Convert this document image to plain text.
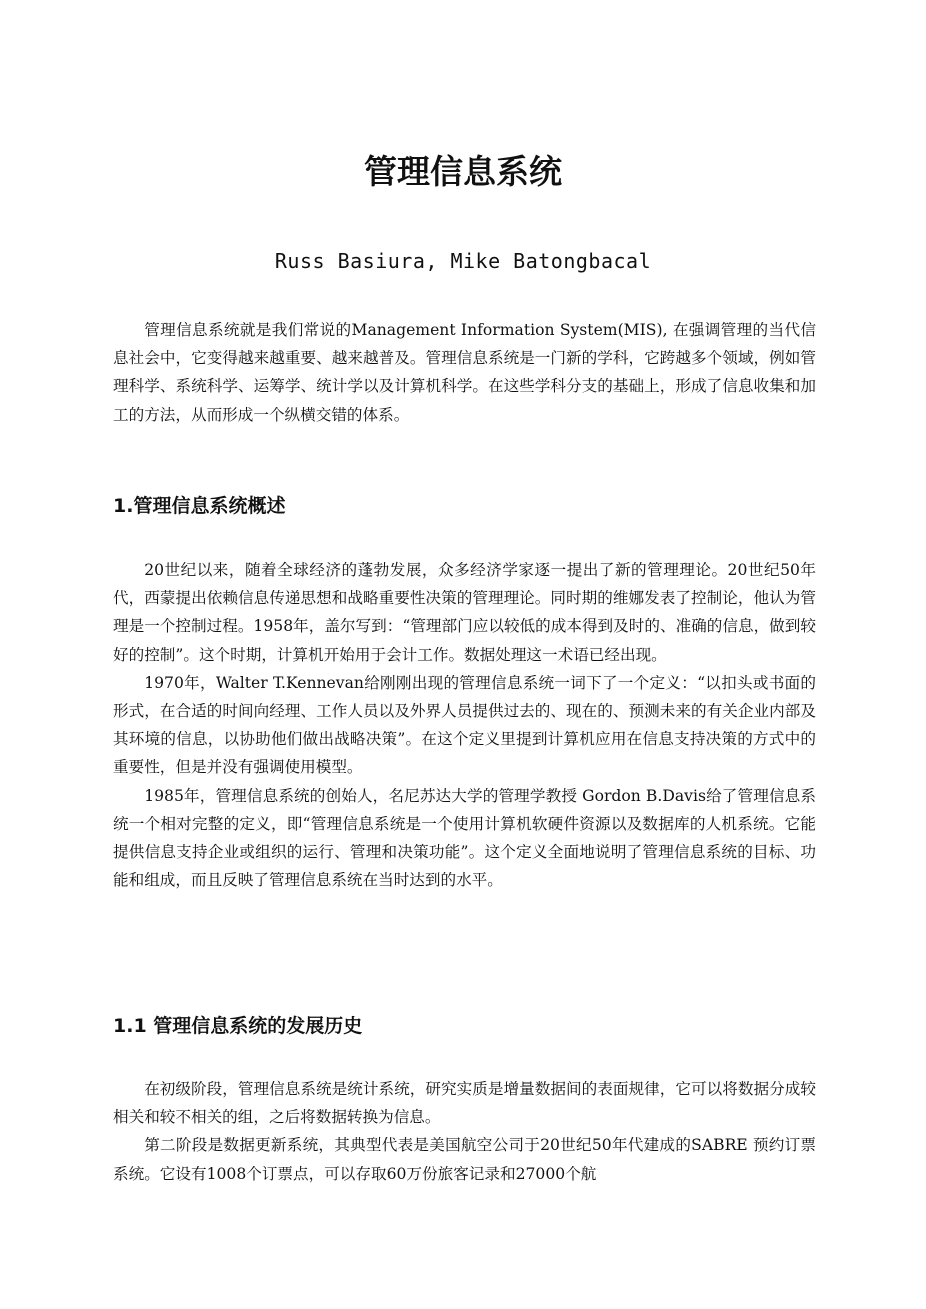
管理信息系统

Russ Basiura, Mike Batongbacal

管理信息系统就是我们常说的Management Information System(MIS), 在强调管理的当代信息社会中，它变得越来越重要、越来越普及。管理信息系统是一门新的学科，它跨越多个领域，例如管理科学、系统科学、运筹学、统计学以及计算机科学。在这些学科分支的基础上，形成了信息收集和加工的方法，从而形成一个纵横交错的体系。

1.管理信息系统概述

20世纪以来，随着全球经济的蓬勃发展，众多经济学家逐一提出了新的管理理论。20世纪50年代，西蒙提出依赖信息传递思想和战略重要性决策的管理理论。同时期的维娜发表了控制论，他认为管理是一个控制过程。1958年，盖尔写到：“管理部门应以较低的成本得到及时的、准确的信息，做到较好的控制”。这个时期，计算机开始用于会计工作。数据处理这一术语已经出现。

1970年，Walter T.Kennevan给刚刚出现的管理信息系统一词下了一个定义：“以扣头或书面的形式，在合适的时间向经理、工作人员以及外界人员提供过去的、现在的、预测未来的有关企业内部及其环境的信息，以协助他们做出战略决策”。在这个定义里提到计算机应用在信息支持决策的方式中的重要性，但是并没有强调使用模型。

1985年，管理信息系统的创始人，名尼苏达大学的管理学教授 Gordon B.Davis给了管理信息系统一个相对完整的定义，即“管理信息系统是一个使用计算机软硬件资源以及数据库的人机系统。它能提供信息支持企业或组织的运行、管理和决策功能”。这个定义全面地说明了管理信息系统的目标、功能和组成，而且反映了管理信息系统在当时达到的水平。

1.1 管理信息系统的发展历史

在初级阶段，管理信息系统是统计系统，研究实质是增量数据间的表面规律，它可以将数据分成较相关和较不相关的组，之后将数据转换为信息。

第二阶段是数据更新系统，其典型代表是美国航空公司于20世纪50年代建成的SABRE 预约订票系统。它设有1008个订票点，可以存取60万份旅客记录和27000个航
